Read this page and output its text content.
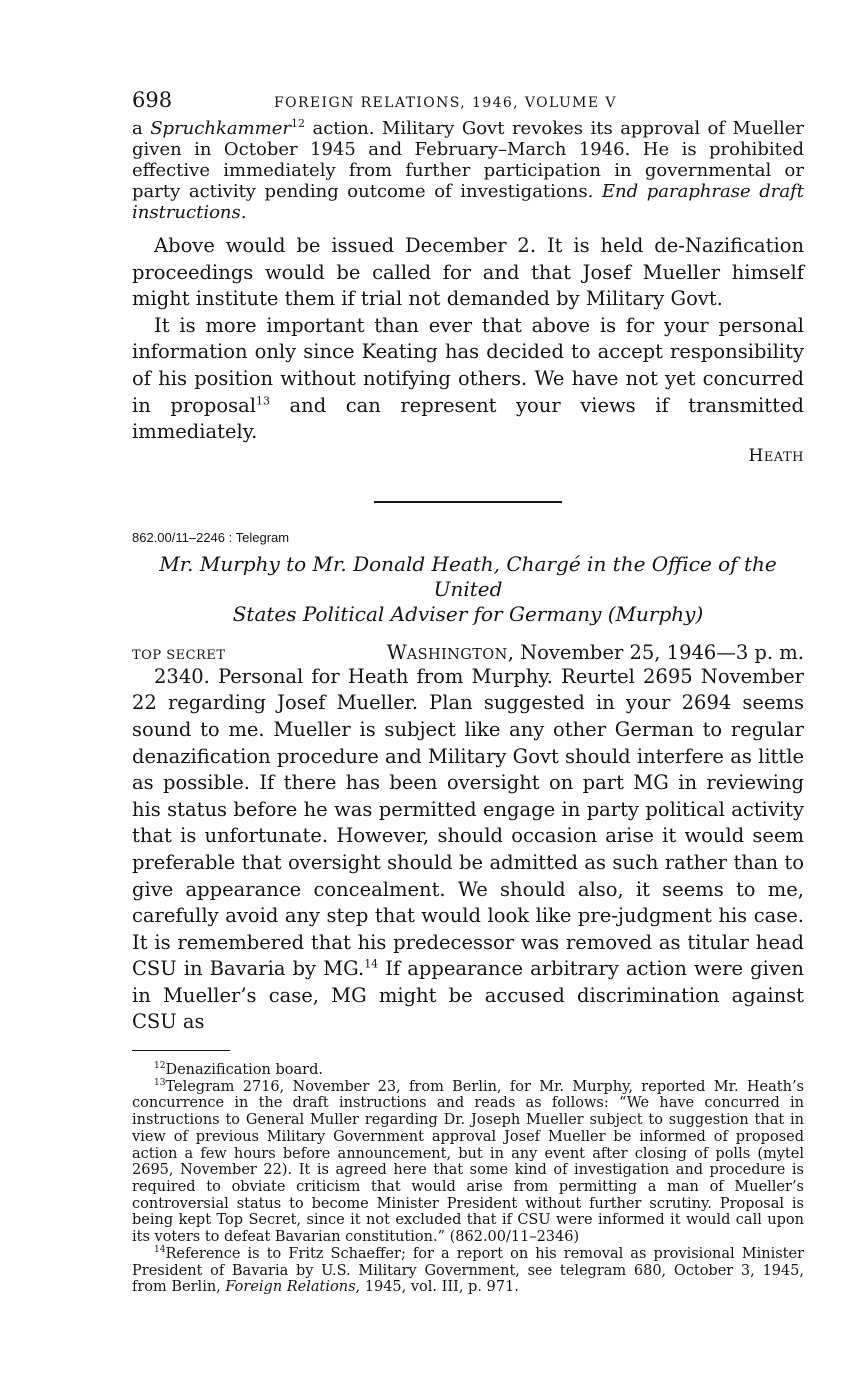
698	FOREIGN RELATIONS, 1946, VOLUME V

a Spruchkammer$^{12}$ action. Military Govt revokes its approval of Mueller given in October 1945 and February–March 1946. He is prohibited effective immediately from further participation in governmental or party activity pending outcome of investigations. End paraphrase draft instructions.

Above would be issued December 2. It is held de-Nazification proceedings would be called for and that Josef Mueller himself might institute them if trial not demanded by Military Govt.

It is more important than ever that above is for your personal information only since Keating has decided to accept responsibility of his position without notifying others. We have not yet concurred in proposal$^{13}$ and can represent your views if transmitted immediately.

HEATH

862.00/11–2246 : Telegram

Mr. Murphy to Mr. Donald Heath, Chargé in the Office of the United
States Political Adviser for Germany (Murphy)
TOP SECRET	WASHINGTON, November 25, 1946—3 p. m.

2340. Personal for Heath from Murphy. Reurtel 2695 November 22 regarding Josef Mueller. Plan suggested in your 2694 seems sound to me. Mueller is subject like any other German to regular denazification procedure and Military Govt should interfere as little as possible. If there has been oversight on part MG in reviewing his status before he was permitted engage in party political activity that is unfortunate. However, should occasion arise it would seem preferable that oversight should be admitted as such rather than to give appearance concealment. We should also, it seems to me, carefully avoid any step that would look like pre-judgment his case. It is remembered that his predecessor was removed as titular head CSU in Bavaria by MG.$^{14}$ If appearance arbitrary action were given in Mueller’s case, MG might be accused discrimination against CSU as

$^{12}$Denazification board.

$^{13}$Telegram 2716, November 23, from Berlin, for Mr. Murphy, reported Mr. Heath’s concurrence in the draft instructions and reads as follows: “We have concurred in instructions to General Muller regarding Dr. Joseph Mueller subject to suggestion that in view of previous Military Government approval Josef Mueller be informed of proposed action a few hours before announcement, but in any event after closing of polls (mytel 2695, November 22). It is agreed here that some kind of investigation and procedure is required to obviate criticism that would arise from permitting a man of Mueller’s controversial status to become Minister President without further scrutiny. Proposal is being kept Top Secret, since it not excluded that if CSU were informed it would call upon its voters to defeat Bavarian constitution.” (862.00/11–2346)

$^{14}$Reference is to Fritz Schaeffer; for a report on his removal as provisional Minister President of Bavaria by U.S. Military Government, see telegram 680, October 3, 1945, from Berlin, Foreign Relations, 1945, vol. III, p. 971.
